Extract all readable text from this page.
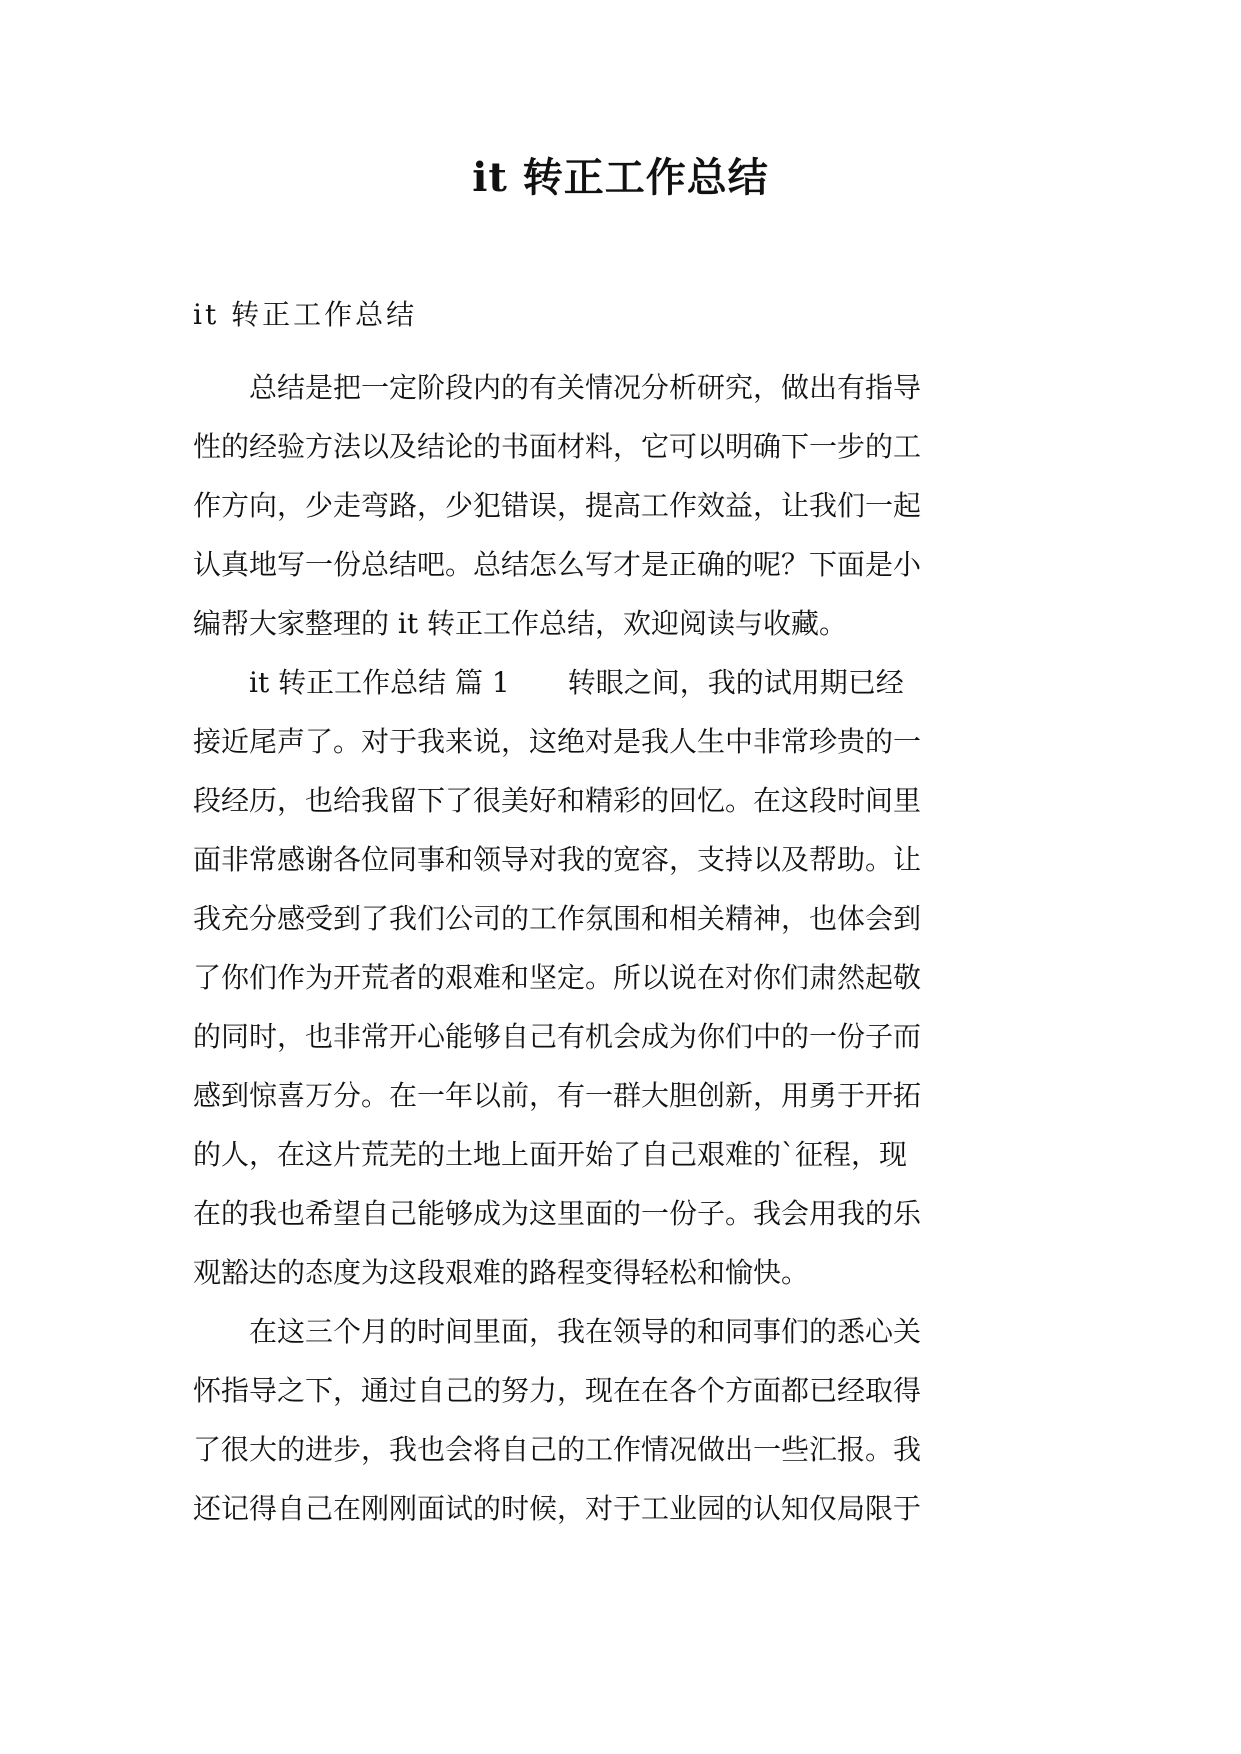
it 转正工作总结
it 转正工作总结
总结是把一定阶段内的有关情况分析研究，做出有指导
性的经验方法以及结论的书面材料，它可以明确下一步的工
作方向，少走弯路，少犯错误，提高工作效益，让我们一起
认真地写一份总结吧。总结怎么写才是正确的呢？下面是小
编帮大家整理的 it 转正工作总结，欢迎阅读与收藏。
it 转正工作总结 篇 1 转眼之间，我的试用期已经
接近尾声了。对于我来说，这绝对是我人生中非常珍贵的一
段经历，也给我留下了很美好和精彩的回忆。在这段时间里
面非常感谢各位同事和领导对我的宽容，支持以及帮助。让
我充分感受到了我们公司的工作氛围和相关精神，也体会到
了你们作为开荒者的艰难和坚定。所以说在对你们肃然起敬
的同时，也非常开心能够自己有机会成为你们中的一份子而
感到惊喜万分。在一年以前，有一群大胆创新，用勇于开拓
的人，在这片荒芜的土地上面开始了自己艰难的`征程，现
在的我也希望自己能够成为这里面的一份子。我会用我的乐
观豁达的态度为这段艰难的路程变得轻松和愉快。
在这三个月的时间里面，我在领导的和同事们的悉心关
怀指导之下，通过自己的努力，现在在各个方面都已经取得
了很大的进步，我也会将自己的工作情况做出一些汇报。我
还记得自己在刚刚面试的时候，对于工业园的认知仅局限于
